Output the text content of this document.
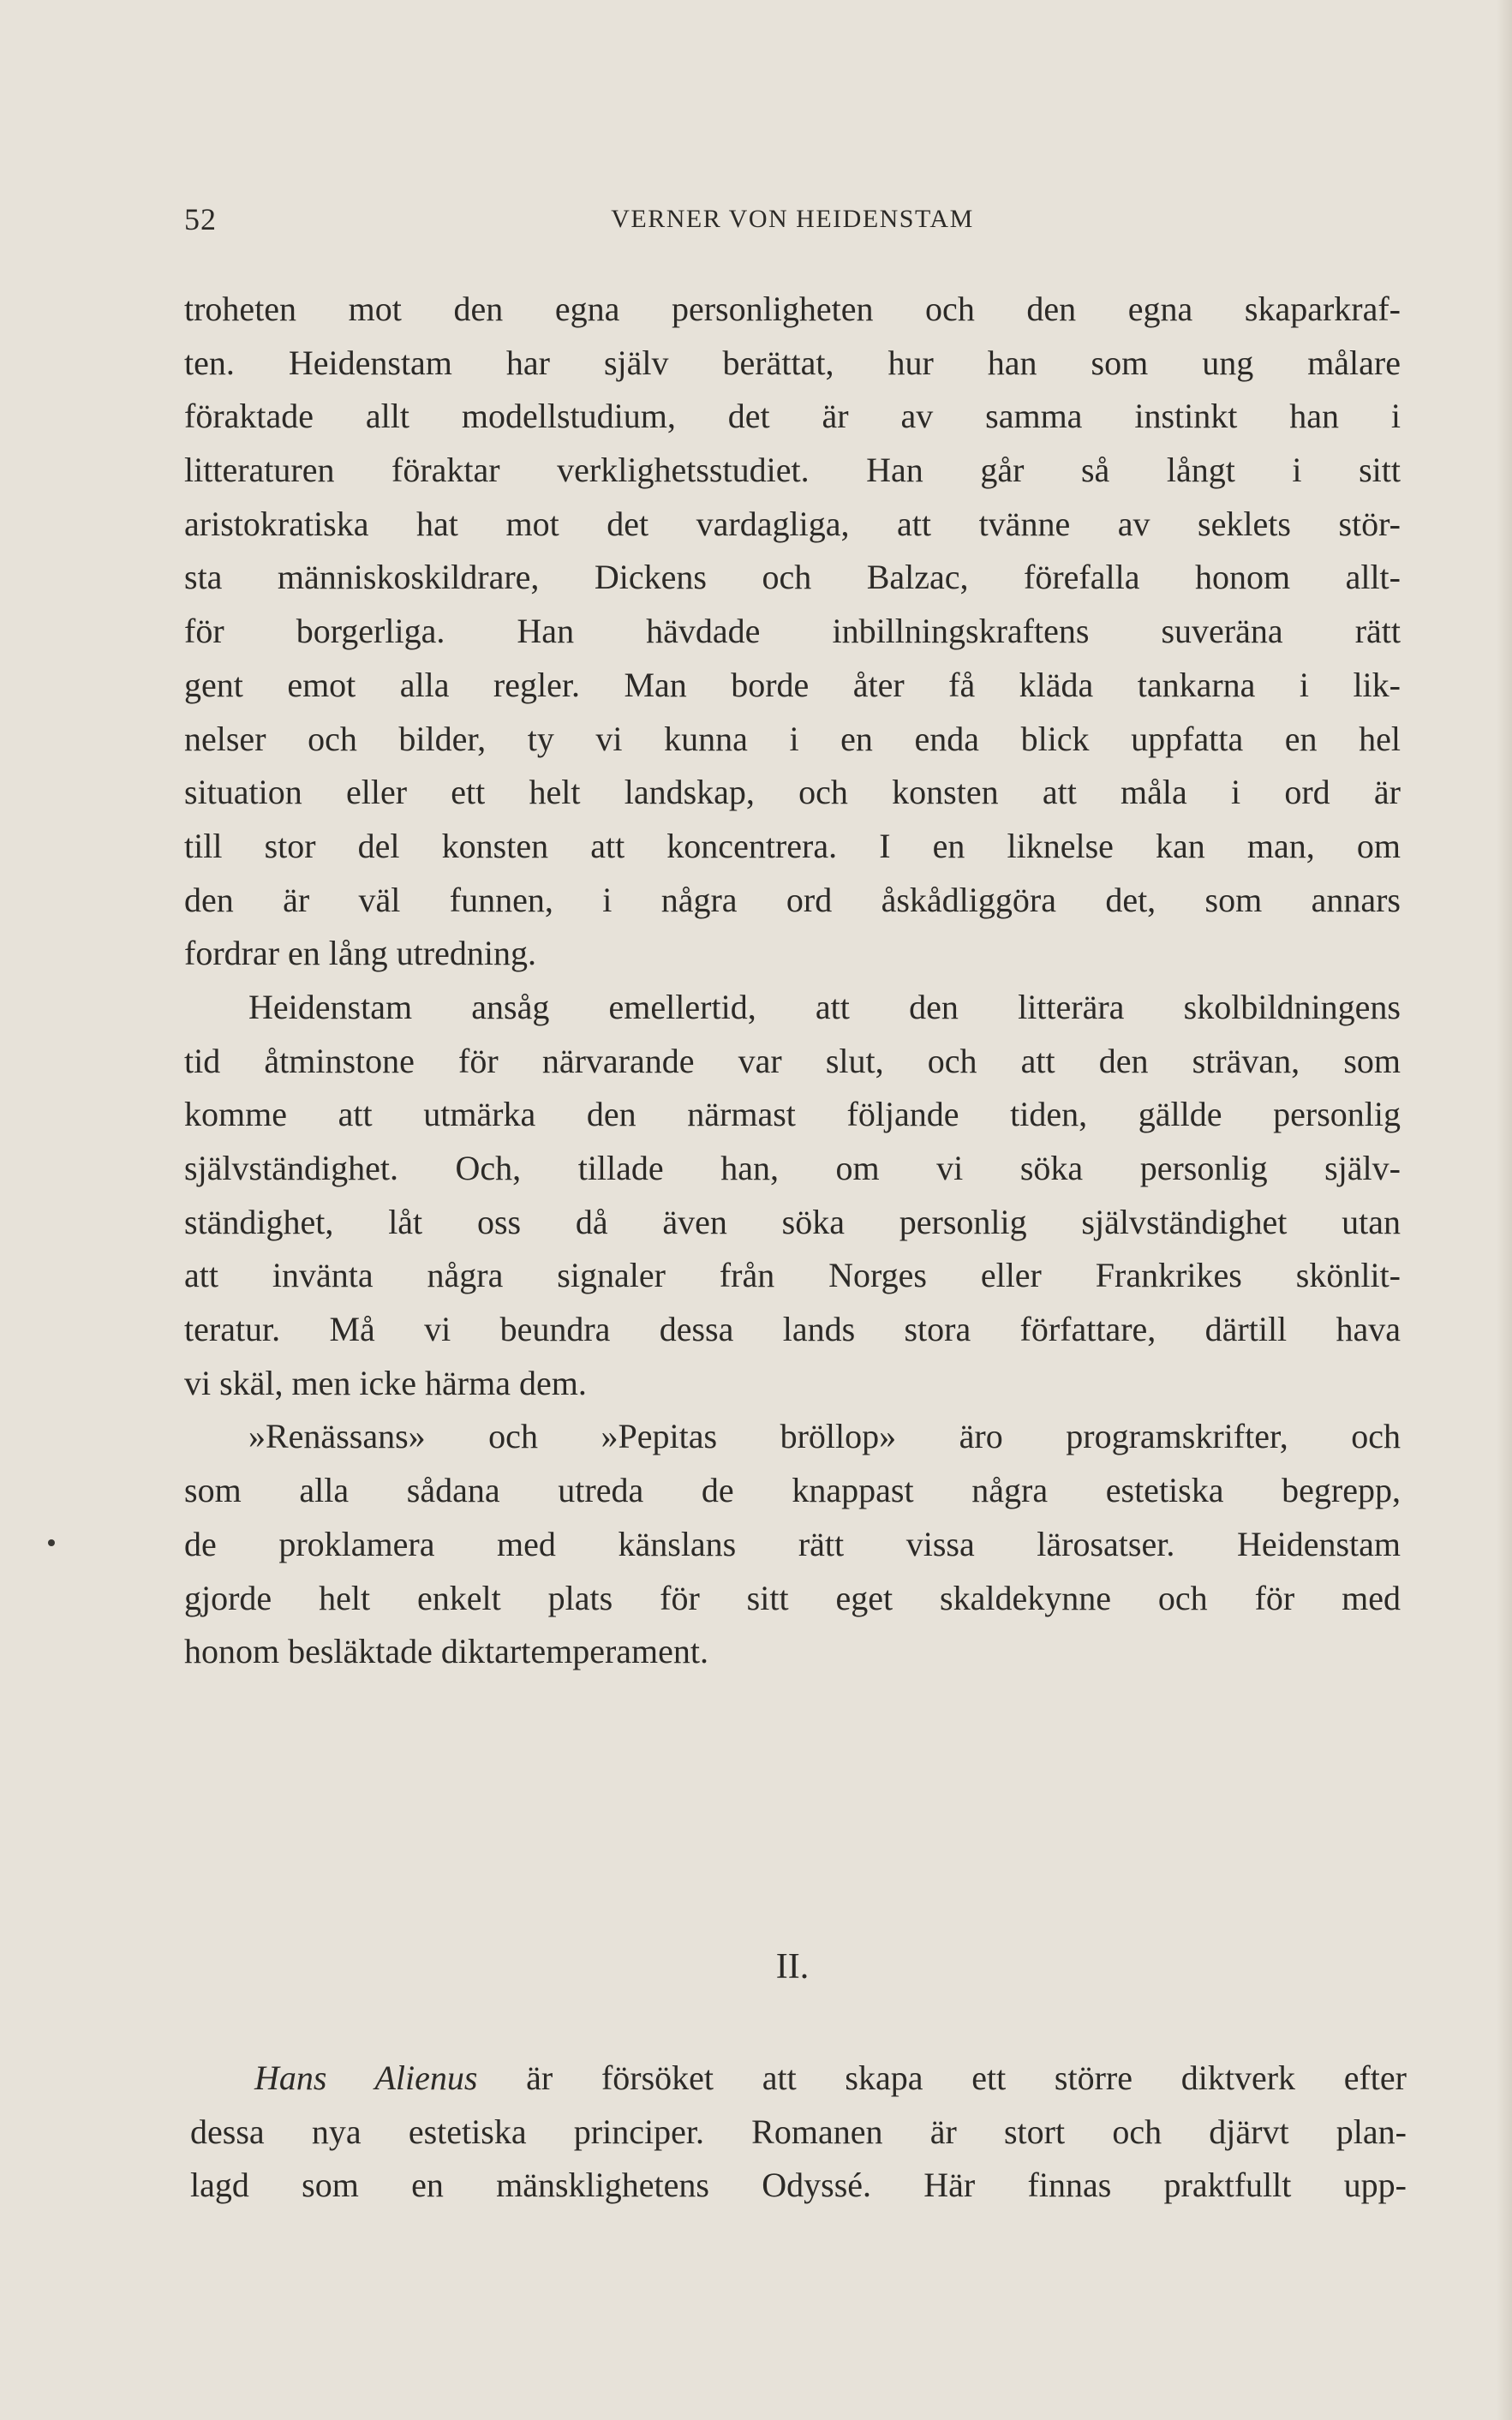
52	VERNER VON HEIDENSTAM
troheten mot den egna personligheten och den egna skaparkraf-
ten. Heidenstam har själv berättat, hur han som ung målare
föraktade allt modellstudium, det är av samma instinkt han i
litteraturen föraktar verklighetsstudiet. Han går så långt i sitt
aristokratiska hat mot det vardagliga, att tvänne av seklets stör-
sta människoskildrare, Dickens och Balzac, förefalla honom allt-
för borgerliga. Han hävdade inbillningskraftens suveräna rätt
gent emot alla regler. Man borde åter få kläda tankarna i lik-
nelser och bilder, ty vi kunna i en enda blick uppfatta en hel
situation eller ett helt landskap, och konsten att måla i ord är
till stor del konsten att koncentrera. I en liknelse kan man, om
den är väl funnen, i några ord åskådliggöra det, som annars
fordrar en lång utredning.
Heidenstam ansåg emellertid, att den litterära skolbildningens
tid åtminstone för närvarande var slut, och att den strävan, som
komme att utmärka den närmast följande tiden, gällde personlig
självständighet. Och, tillade han, om vi söka personlig själv-
ständighet, låt oss då även söka personlig självständighet utan
att invänta några signaler från Norges eller Frankrikes skönlit-
teratur. Må vi beundra dessa lands stora författare, därtill hava
vi skäl, men icke härma dem.
»Renässans» och »Pepitas bröllop» äro programskrifter, och
som alla sådana utreda de knappast några estetiska begrepp,
de proklamera med känslans rätt vissa lärosatser. Heidenstam
gjorde helt enkelt plats för sitt eget skaldekynne och för med
honom besläktade diktartemperament.
II.
Hans Alienus är försöket att skapa ett större diktverk efter
dessa nya estetiska principer. Romanen är stort och djärvt plan-
lagd som en mänsklighetens Odyssé. Här finnas praktfullt upp-
